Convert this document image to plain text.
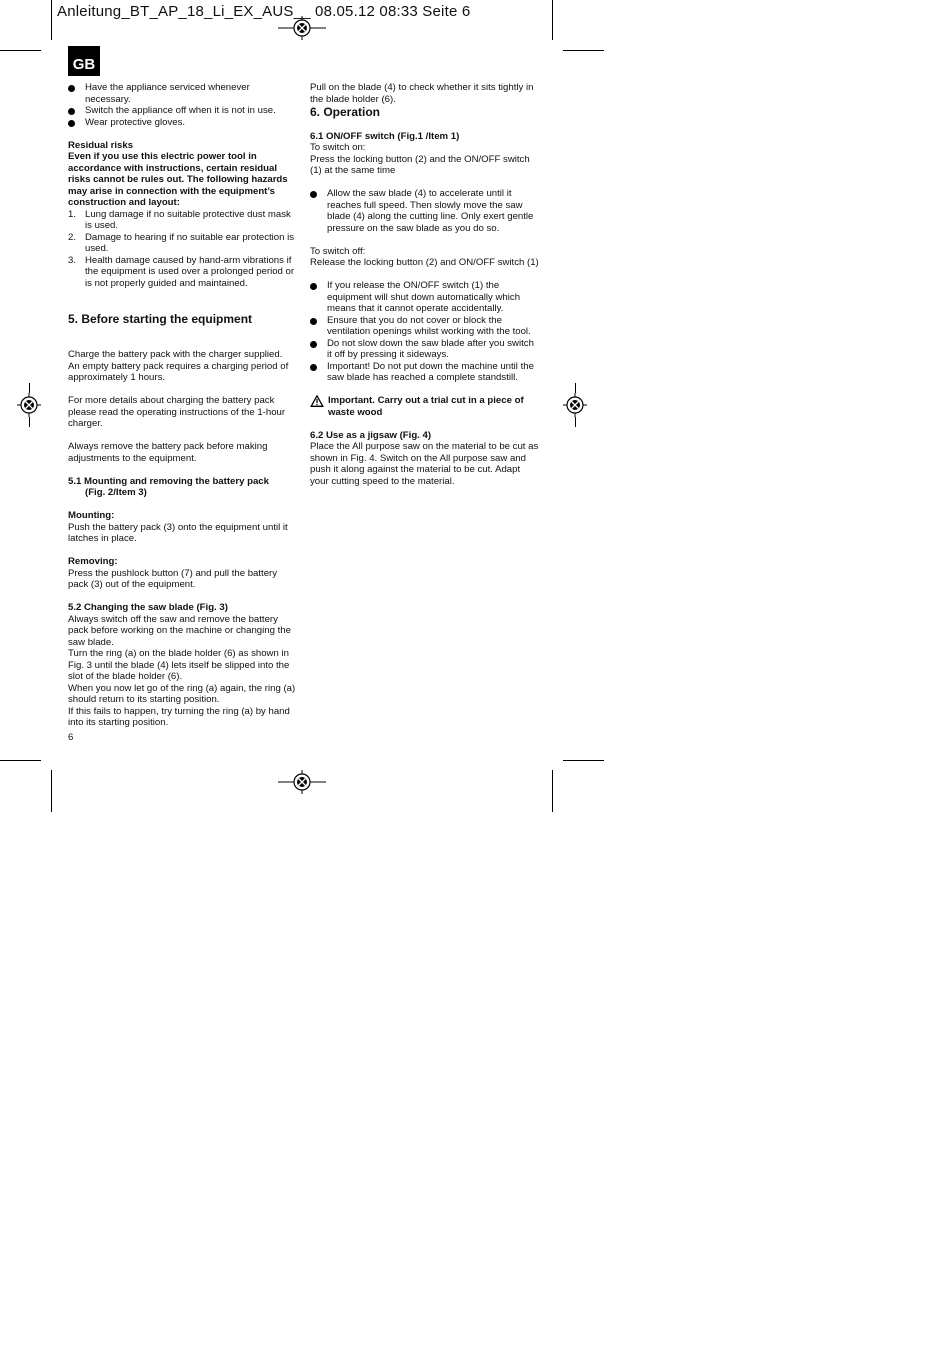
Anleitung_BT_AP_18_Li_EX_AUS__ 08.05.12 08:33 Seite 6
GB
Have the appliance serviced whenever necessary.
Switch the appliance off when it is not in use.
Wear protective gloves.

Residual risks

Even if you use this electric power tool in accordance with instructions, certain residual risks cannot be rules out. The following hazards may arise in connection with the equipment’s construction and layout:

1. Lung damage if no suitable protective dust mask is used.
2. Damage to hearing if no suitable ear protection is used.
3. Health damage caused by hand-arm vibrations if the equipment is used over a prolonged period or is not properly guided and maintained.

5. Before starting the equipment

Charge the battery pack with the charger supplied. An empty battery pack requires a charging period of approximately 1 hours.

For more details about charging the battery pack please read the operating instructions of the 1-hour charger.

Always remove the battery pack before making adjustments to the equipment.

5.1 Mounting and removing the battery pack

(Fig. 2/Item 3)

Mounting:

Push the battery pack (3) onto the equipment until it latches in place.

Removing:

Press the pushlock button (7) and pull the battery pack (3) out of the equipment.

5.2 Changing the saw blade (Fig. 3)

Always switch off the saw and remove the battery pack before working on the machine or changing the saw blade.

Turn the ring (a) on the blade holder (6) as shown in Fig. 3 until the blade (4) lets itself be slipped into the slot of the blade holder (6).

When you now let go of the ring (a) again, the ring (a) should return to its starting position.

If this fails to happen, try turning the ring (a) by hand into its starting position.

Pull on the blade (4) to check whether it sits tightly in the blade holder (6).

6. Operation

6.1 ON/OFF switch (Fig.1 /Item 1)

To switch on:

Press the locking button (2) and the ON/OFF switch (1) at the same time

Allow the saw blade (4) to accelerate until it reaches full speed. Then slowly move the saw blade (4) along the cutting line. Only exert gentle pressure on the saw blade as you do so.

To switch off:

Release the locking button (2) and ON/OFF switch (1)

If you release the ON/OFF switch (1) the equipment will shut down automatically which means that it cannot operate accidentally.
Ensure that you do not cover or block the ventilation openings whilst working with the tool.
Do not slow down the saw blade after you switch it off by pressing it sideways.
Important! Do not put down the machine until the saw blade has reached a complete standstill.
Important. Carry out a trial cut in a piece of waste wood

6.2 Use as a jigsaw (Fig. 4)

Place the All purpose saw on the material to be cut as shown in Fig. 4. Switch on the All purpose saw and push it along against the material to be cut. Adapt your cutting speed to the material.

6
